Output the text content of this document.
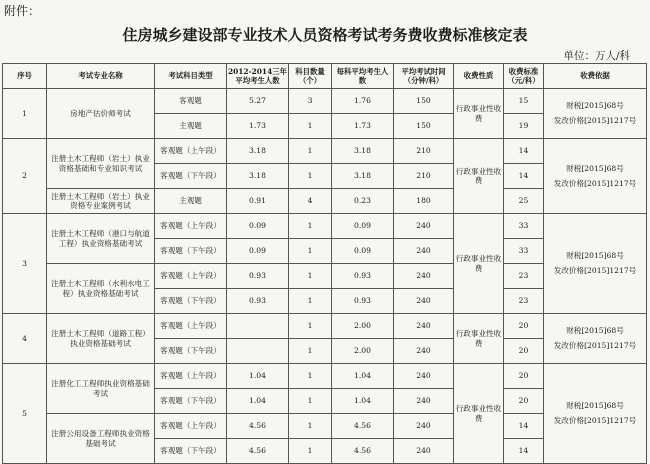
附件：
住房城乡建设部专业技术人员资格考试考务费收费标准核定表
单位：万人/科
序号	考试专业名称	考试科目类型	2012-2014三年平均考生人数	科目数量（个）	每科平均考生人数	平均考试时间（分钟/科）	收费性质	收费标准（元/科）	收费依据
1	房地产估价师考试	客观题	5.27	3	1.76	150	行政事业性收费	15	财税[2015]68号
发改价格[2015]1217号

		主观题	1.73	1	1.73	150		19	
2	注册土木工程师（岩土）执业资格基础和专业知识考试	客观题（上午段）	3.18	1	3.18	210	行政事业性收费	14	财税[2015]68号
发改价格[2015]1217号

		客观题（下午段）	3.18	1	3.18	210		14	
	注册土木工程师（岩土）执业资格专业案例考试	主观题	0.91	4	0.23	180		25	
3	注册土木工程师（港口与航道工程）执业资格基础考试	客观题（上午段）	0.09	1	0.09	240	行政事业性收费	33	财税[2015]68号
发改价格[2015]1217号

		客观题（下午段）	0.09	1	0.09	240		33	
	注册土木工程师（水利水电工程）执业资格基础考试	客观题（上午段）	0.93	1	0.93	240		23	
		客观题（下午段）	0.93	1	0.93	240		23	
4	注册土木工程师（道路工程）执业资格基础考试	客观题（上午段）		1	2.00	240	行政事业性收费	20	财税[2015]68号
发改价格[2015]1217号

		客观题（下午段）		1	2.00	240		20	
5	注册化工工程师执业资格基础考试	客观题（上午段）	1.04	1	1.04	240	行政事业性收费	20	财税[2015]68号
发改价格[2015]1217号

		客观题（下午段）	1.04	1	1.04	240		20	
	注册公用设备工程师执业资格基础考试	客观题（上午段）	4.56	1	4.56	240		14	
		客观题（下午段）	4.56	1	4.56	240		14	
